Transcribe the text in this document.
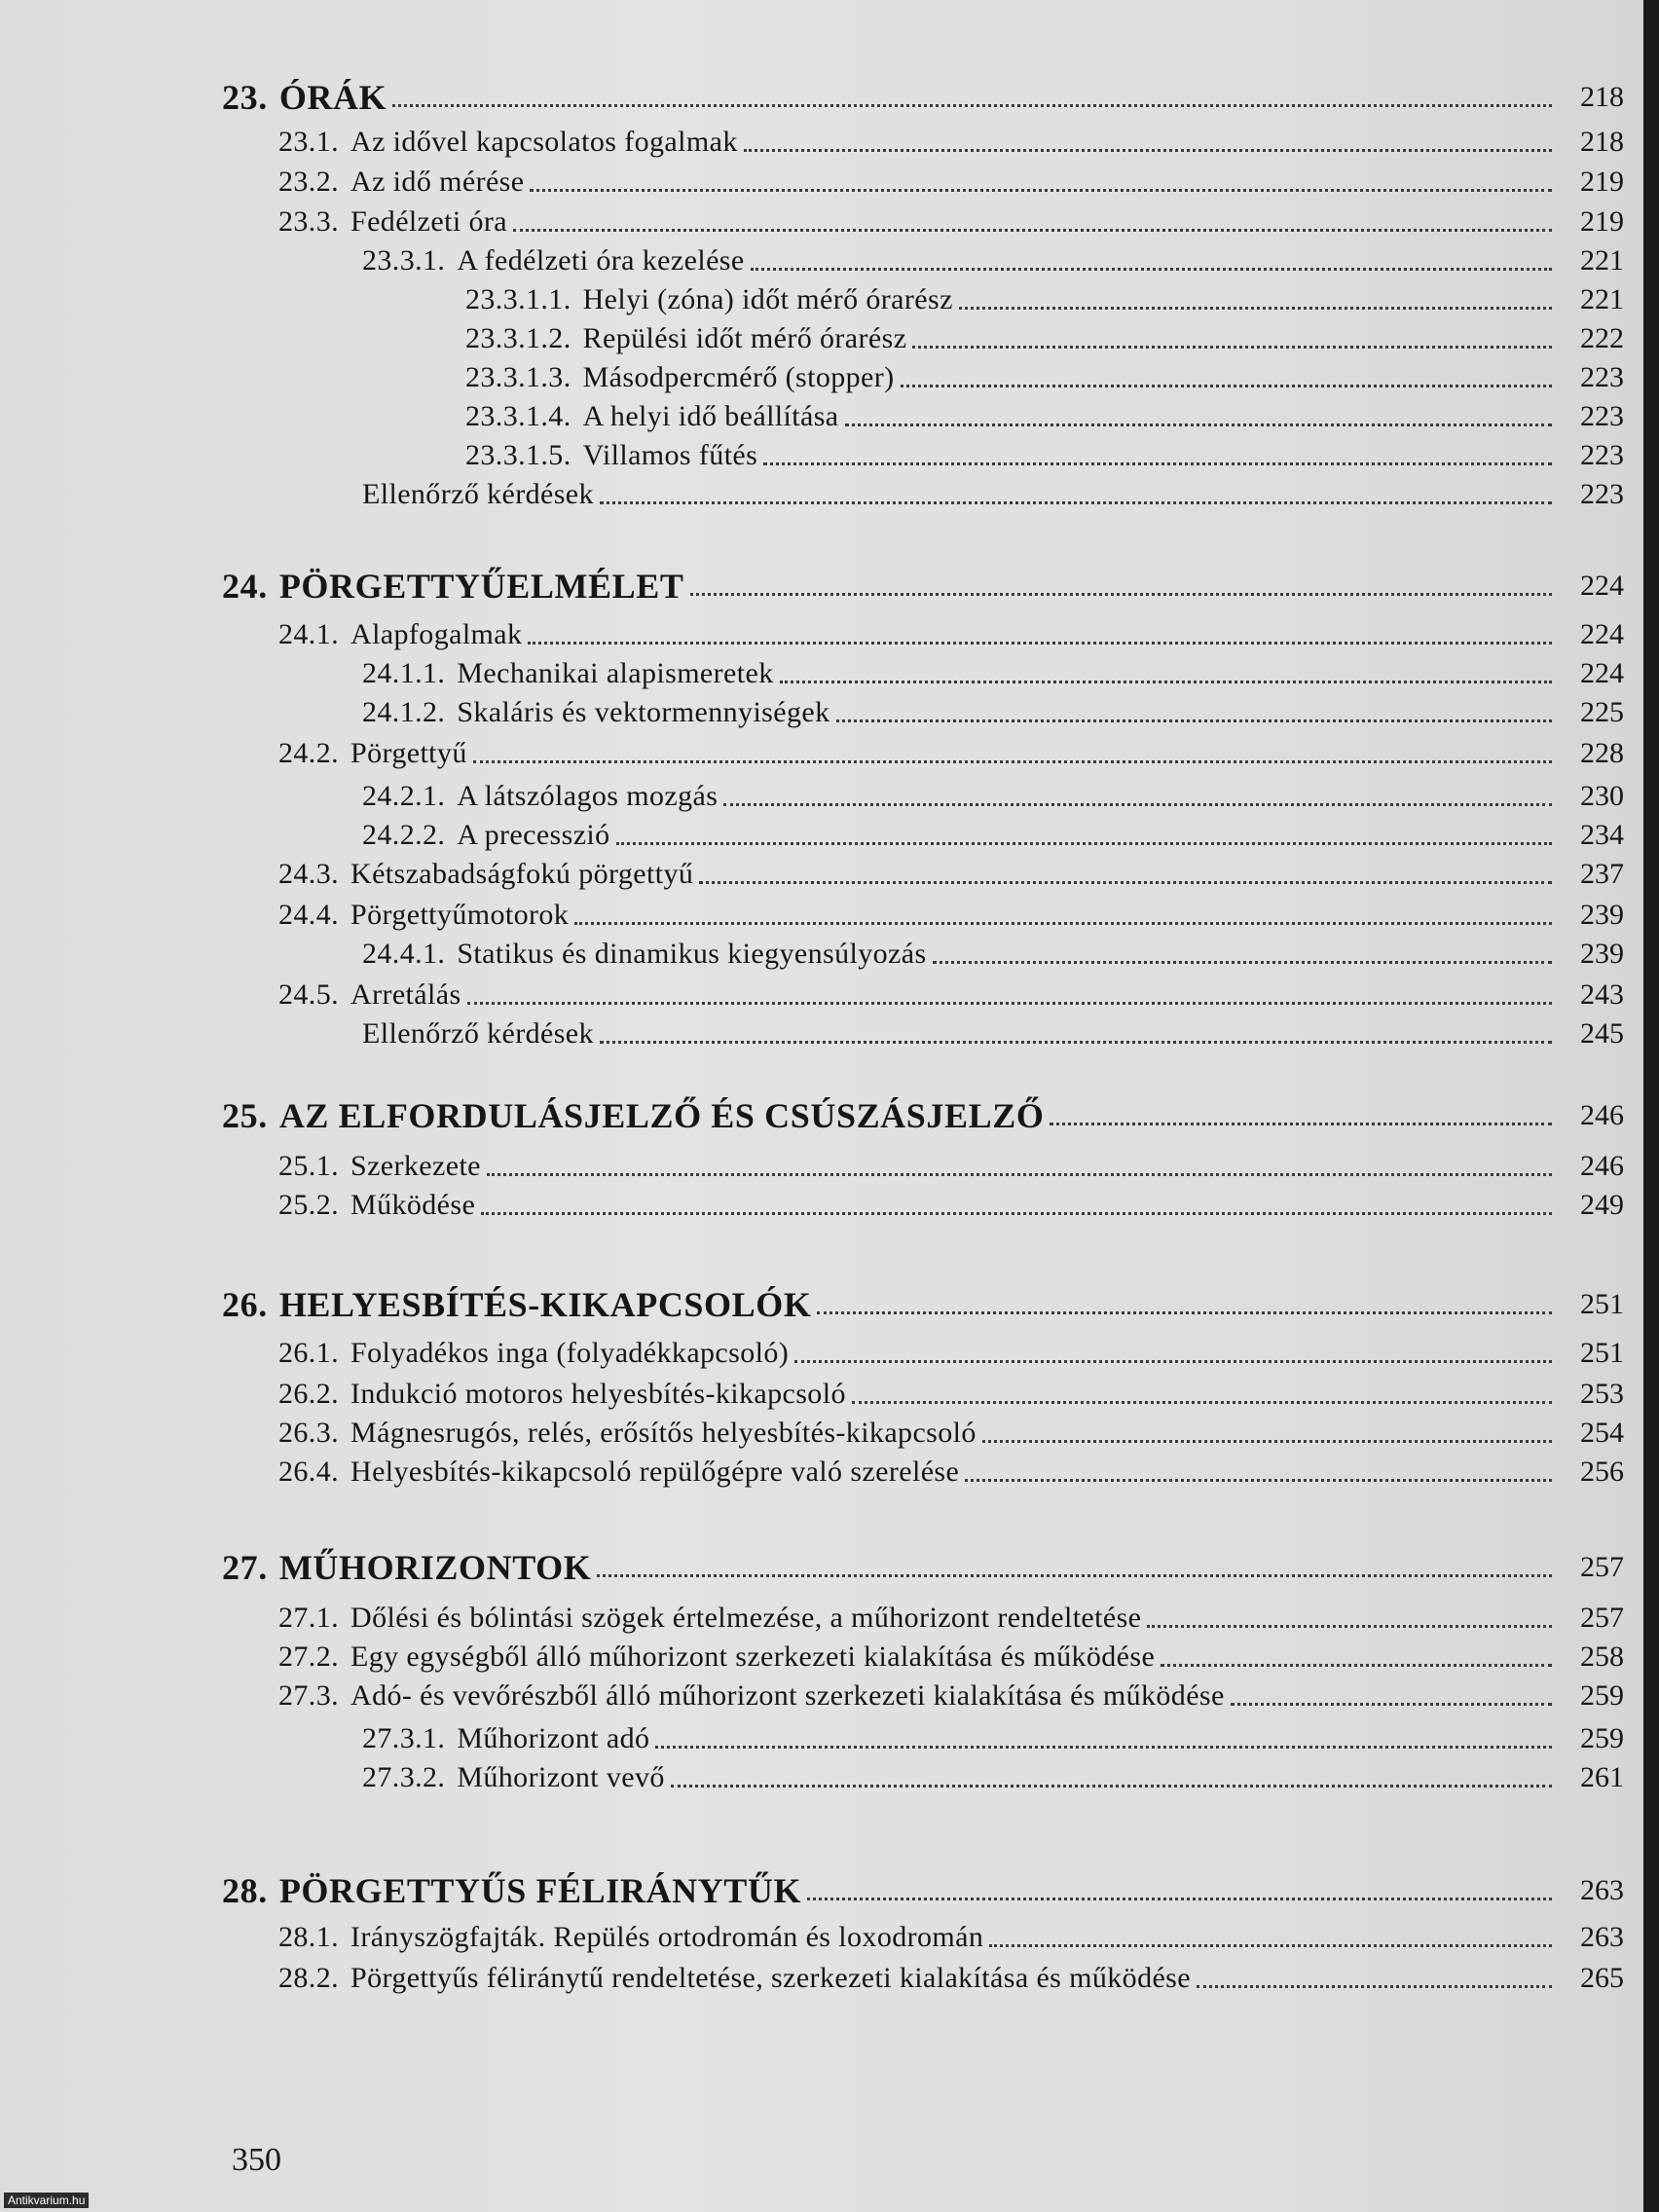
23. ÓRÁK	218
23.1. Az idővel kapcsolatos fogalmak	218
23.2. Az idő mérése	219
23.3. Fedélzeti óra	219
23.3.1. A fedélzeti óra kezelése	221
23.3.1.1. Helyi (zóna) időt mérő órarész	221
23.3.1.2. Repülési időt mérő órarész	222
23.3.1.3. Másodpercmérő (stopper)	223
23.3.1.4. A helyi idő beállítása	223
23.3.1.5. Villamos fűtés	223
Ellenőrző kérdések	223
24. PÖRGETTYŰELMÉLET	224
24.1. Alapfogalmak	224
24.1.1. Mechanikai alapismeretek	224
24.1.2. Skaláris és vektormennyiségek	225
24.2. Pörgettyű	228
24.2.1. A látszólagos mozgás	230
24.2.2. A precesszió	234
24.3. Kétszabadságfokú pörgettyű	237
24.4. Pörgettyűmotorok	239
24.4.1. Statikus és dinamikus kiegyensúlyozás	239
24.5. Arretálás	243
Ellenőrző kérdések	245
25. AZ ELFORDULÁSJELZŐ ÉS CSÚSZÁSJELZŐ	246
25.1. Szerkezete	246
25.2. Működése	249
26. HELYESBÍTÉS-KIKAPCSOLÓK	251
26.1. Folyadékos inga (folyadékkapcsoló)	251
26.2. Indukció motoros helyesbítés-kikapcsoló	253
26.3. Mágnesrugós, relés, erősítős helyesbítés-kikapcsoló	254
26.4. Helyesbítés-kikapcsoló repülőgépre való szerelése	256
27. MŰHORIZONTOK	257
27.1. Dőlési és bólintási szögek értelmezése, a műhorizont rendeltetése	257
27.2. Egy egységből álló műhorizont szerkezeti kialakítása és működése	258
27.3. Adó- és vevőrészből álló műhorizont szerkezeti kialakítása és működése	259
27.3.1. Műhorizont adó	259
27.3.2. Műhorizont vevő	261
28. PÖRGETTYŰS FÉLIRÁNYTŰK	263
28.1. Irányszögfajták. Repülés ortodromán és loxodromán	263
28.2. Pörgettyűs féliránytű rendeltetése, szerkezeti kialakítása és működése	265
350
Antikvarium.hu
